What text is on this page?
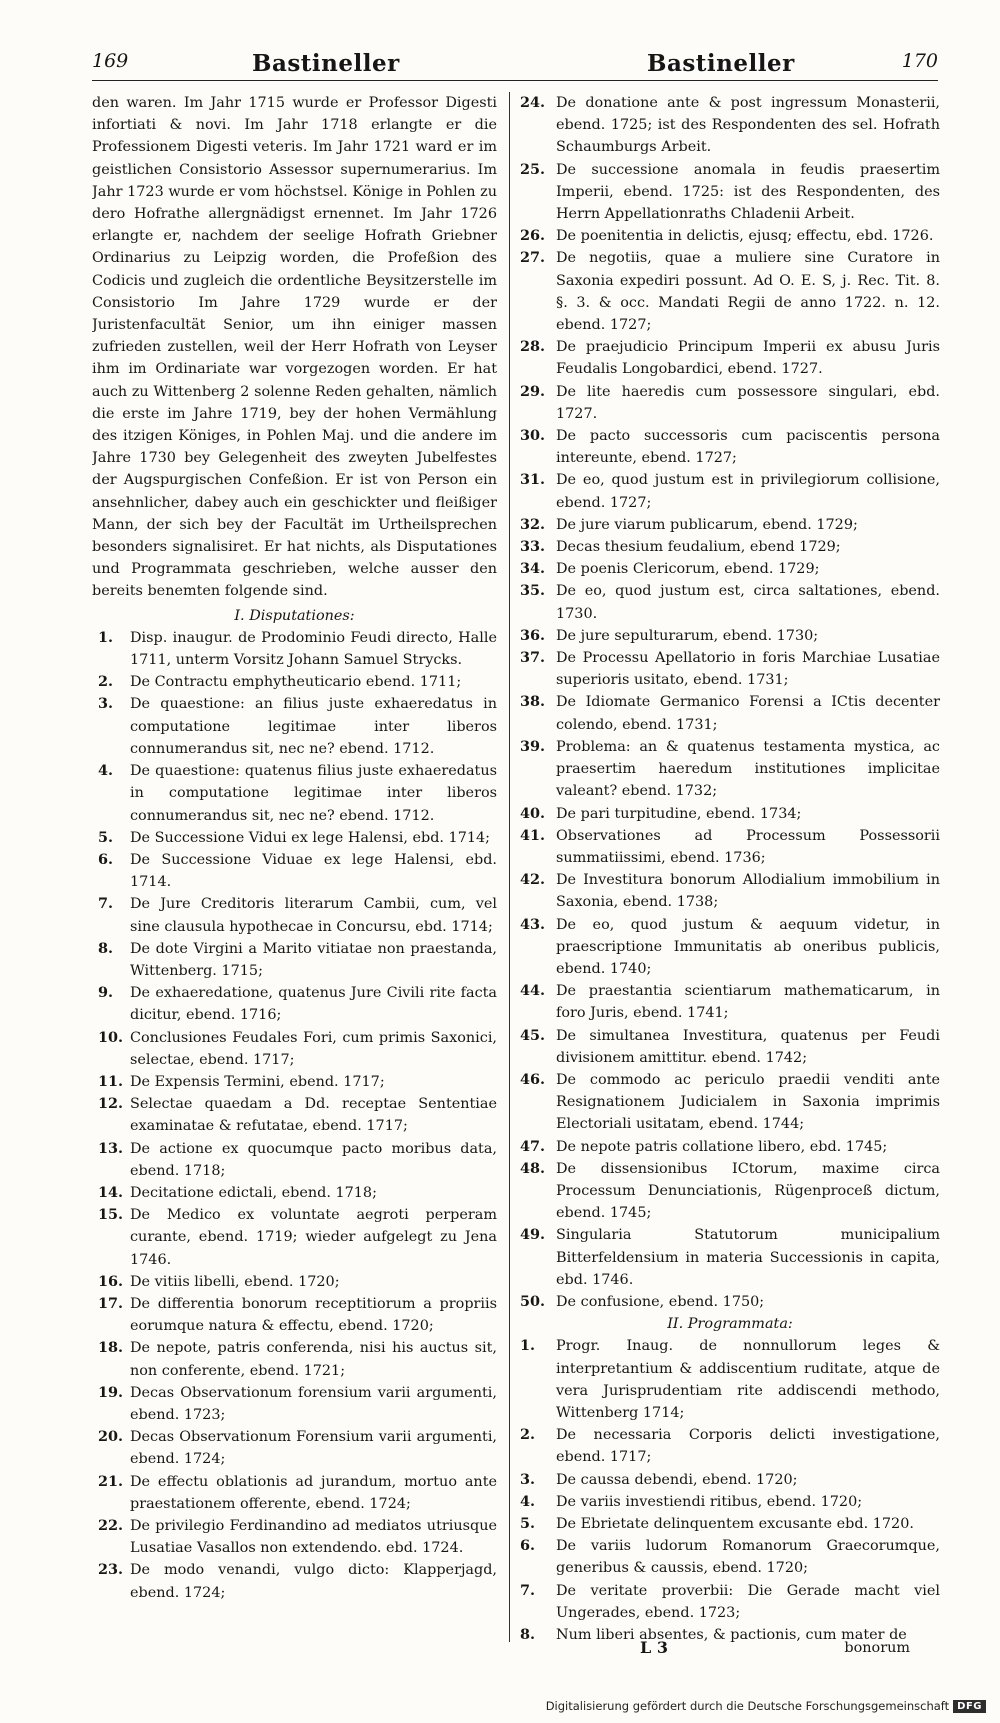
169	Bastineller	Bastineller	170

den waren. Im Jahr 1715 wurde er Professor Digesti infortiati & novi. Im Jahr 1718 erlangte er die Professionem Digesti veteris. Im Jahr 1721 ward er im geistlichen Consistorio Assessor supernumerarius. Im Jahr 1723 wurde er vom höchstsel. Könige in Pohlen zu dero Hofrathe allergnädigst ernennet. Im Jahr 1726 erlangte er, nachdem der seelige Hofrath Griebner Ordinarius zu Leipzig worden, die Profeßion des Codicis und zugleich die ordentliche Beysitzerstelle im Consistorio Im Jahre 1729 wurde er der Juristenfacultät Senior, um ihn einiger massen zufrieden zustellen, weil der Herr Hofrath von Leyser ihm im Ordinariate war vorgezogen worden. Er hat auch zu Wittenberg 2 solenne Reden gehalten, nämlich die erste im Jahre 1719, bey der hohen Vermählung des itzigen Königes, in Pohlen Maj. und die andere im Jahre 1730 bey Gelegenheit des zweyten Jubelfestes der Augspurgischen Confeßion. Er ist von Person ein ansehnlicher, dabey auch ein geschickter und fleißiger Mann, der sich bey der Facultät im Urtheilsprechen besonders signalisiret. Er hat nichts, als Disputationes und Programmata geschrieben, welche ausser den bereits benemten folgende sind.

I. Disputationes:

1. Disp. inaugur. de Prodominio Feudi directo, Halle 1711, unterm Vorsitz Johann Samuel Strycks.
2. De Contractu emphytheuticario ebend. 1711;
3. De quaestione: an filius juste exhaeredatus in computatione legitimae inter liberos connumerandus sit, nec ne? ebend. 1712.
4. De quaestione: quatenus filius juste exhaeredatus in computatione legitimae inter liberos connumerandus sit, nec ne? ebend. 1712.
5. De Successione Vidui ex lege Halensi, ebd. 1714;
6. De Successione Viduae ex lege Halensi, ebd. 1714.
7. De Jure Creditoris literarum Cambii, cum, vel sine clausula hypothecae in Concursu, ebd. 1714;
8. De dote Virgini a Marito vitiatae non praestanda, Wittenberg. 1715;
9. De exhaeredatione, quatenus Jure Civili rite facta dicitur, ebend. 1716;
10. Conclusiones Feudales Fori, cum primis Saxonici, selectae, ebend. 1717;
11. De Expensis Termini, ebend. 1717;
12. Selectae quaedam a Dd. receptae Sententiae examinatae & refutatae, ebend. 1717;
13. De actione ex quocumque pacto moribus data, ebend. 1718;
14. Decitatione edictali, ebend. 1718;
15. De Medico ex voluntate aegroti perperam curante, ebend. 1719; wieder aufgelegt zu Jena 1746.
16. De vitiis libelli, ebend. 1720;
17. De differentia bonorum receptitiorum a propriis eorumque natura & effectu, ebend. 1720;
18. De nepote, patris conferenda, nisi his auctus sit, non conferente, ebend. 1721;
19. Decas Observationum forensium varii argumenti, ebend. 1723;
20. Decas Observationum Forensium varii argumenti, ebend. 1724;
21. De effectu oblationis ad jurandum, mortuo ante praestationem offerente, ebend. 1724;
22. De privilegio Ferdinandino ad mediatos utriusque Lusatiae Vasallos non extendendo. ebd. 1724.
23. De modo venandi, vulgo dicto: Klapperjagd, ebend. 1724;
24. De donatione ante & post ingressum Monasterii, ebend. 1725; ist des Respondenten des sel. Hofrath Schaumburgs Arbeit.
25. De successione anomala in feudis praesertim Imperii, ebend. 1725: ist des Respondenten, des Herrn Appellationraths Chladenii Arbeit.
26. De poenitentia in delictis, ejusq; effectu, ebd. 1726.
27. De negotiis, quae a muliere sine Curatore in Saxonia expediri possunt. Ad O. E. S, j. Rec. Tit. 8. §. 3. & occ. Mandati Regii de anno 1722. n. 12. ebend. 1727;
28. De praejudicio Principum Imperii ex abusu Juris Feudalis Longobardici, ebend. 1727.
29. De lite haeredis cum possessore singulari, ebd. 1727.
30. De pacto successoris cum paciscentis persona intereunte, ebend. 1727;
31. De eo, quod justum est in privilegiorum collisione, ebend. 1727;
32. De jure viarum publicarum, ebend. 1729;
33. Decas thesium feudalium, ebend 1729;
34. De poenis Clericorum, ebend. 1729;
35. De eo, quod justum est, circa saltationes, ebend. 1730.
36. De jure sepulturarum, ebend. 1730;
37. De Processu Apellatorio in foris Marchiae Lusatiae superioris usitato, ebend. 1731;
38. De Idiomate Germanico Forensi a ICtis decenter colendo, ebend. 1731;
39. Problema: an & quatenus testamenta mystica, ac praesertim haeredum institutiones implicitae valeant? ebend. 1732;
40. De pari turpitudine, ebend. 1734;
41. Observationes ad Processum Possessorii summatiissimi, ebend. 1736;
42. De Investitura bonorum Allodialium immobilium in Saxonia, ebend. 1738;
43. De eo, quod justum & aequum videtur, in praescriptione Immunitatis ab oneribus publicis, ebend. 1740;
44. De praestantia scientiarum mathematicarum, in foro Juris, ebend. 1741;
45. De simultanea Investitura, quatenus per Feudi divisionem amittitur. ebend. 1742;
46. De commodo ac periculo praedii venditi ante Resignationem Judicialem in Saxonia imprimis Electoriali usitatam, ebend. 1744;
47. De nepote patris collatione libero, ebd. 1745;
48. De dissensionibus ICtorum, maxime circa Processum Denunciationis, Rügenproceß dictum, ebend. 1745;
49. Singularia Statutorum municipalium Bitterfeldensium in materia Successionis in capita, ebd. 1746.
50. De confusione, ebend. 1750;

II. Programmata:

1. Progr. Inaug. de nonnullorum leges & interpretantium & addiscentium ruditate, atque de vera Jurisprudentiam rite addiscendi methodo, Wittenberg 1714;
2. De necessaria Corporis delicti investigatione, ebend. 1717;
3. De caussa debendi, ebend. 1720;
4. De variis investiendi ritibus, ebend. 1720;
5. De Ebrietate delinquentem excusante ebd. 1720.
6. De variis ludorum Romanorum Graecorumque, generibus & caussis, ebend. 1720;
7. De veritate proverbii: Die Gerade macht viel Ungerades, ebend. 1723;
8. Num liberi absentes, & pactionis, cum mater de
L 3	bonorum
Digitalisierung gefördert durch die Deutsche Forschungsgemeinschaft DFG
